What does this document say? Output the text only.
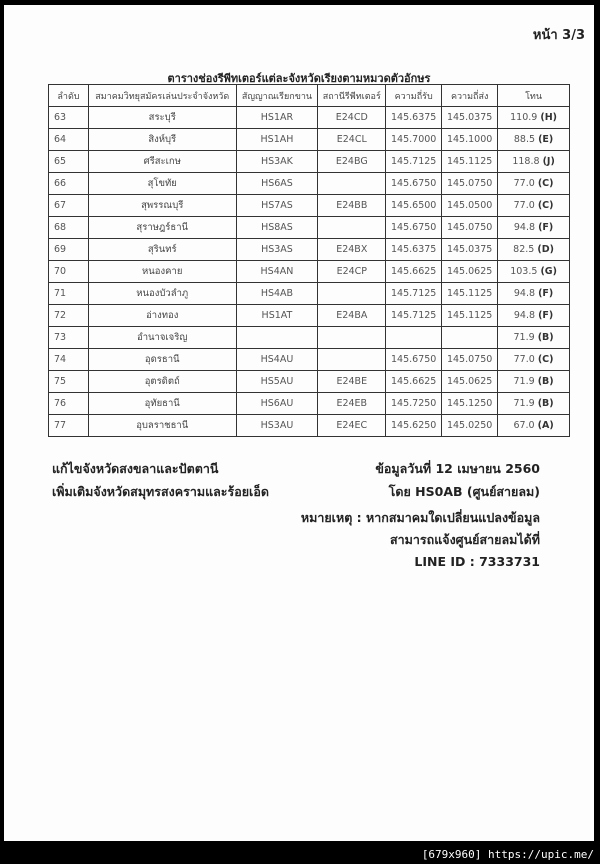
หน้า 3/3
ตารางช่องรีพีทเตอร์แต่ละจังหวัดเรียงตามหมวดตัวอักษร
ลำดับ	สมาคมวิทยุสมัครเล่นประจำจังหวัด	สัญญาณเรียกขาน	สถานีรีพีทเตอร์	ความถี่รับ	ความถี่ส่ง	โทน
63	สระบุรี	HS1AR	E24CD	145.6375	145.0375	110.9 (H)
64	สิงห์บุรี	HS1AH	E24CL	145.7000	145.1000	88.5 (E)
65	ศรีสะเกษ	HS3AK	E24BG	145.7125	145.1125	118.8 (J)
66	สุโขทัย	HS6AS		145.6750	145.0750	77.0 (C)
67	สุพรรณบุรี	HS7AS	E24BB	145.6500	145.0500	77.0 (C)
68	สุราษฎร์ธานี	HS8AS		145.6750	145.0750	94.8 (F)
69	สุรินทร์	HS3AS	E24BX	145.6375	145.0375	82.5 (D)
70	หนองคาย	HS4AN	E24CP	145.6625	145.0625	103.5 (G)
71	หนองบัวลำภู	HS4AB		145.7125	145.1125	94.8 (F)
72	อ่างทอง	HS1AT	E24BA	145.7125	145.1125	94.8 (F)
73	อำนาจเจริญ					71.9 (B)
74	อุดรธานี	HS4AU		145.6750	145.0750	77.0 (C)
75	อุตรดิตถ์	HS5AU	E24BE	145.6625	145.0625	71.9 (B)
76	อุทัยธานี	HS6AU	E24EB	145.7250	145.1250	71.9 (B)
77	อุบลราชธานี	HS3AU	E24EC	145.6250	145.0250	67.0 (A)
แก้ไขจังหวัดสงขลาและปัตตานี
เพิ่มเติมจังหวัดสมุทรสงครามและร้อยเอ็ด
ข้อมูลวันที่ 12 เมษายน 2560
โดย HS0AB (ศูนย์สายลม)
หมายเหตุ : หากสมาคมใดเปลี่ยนแปลงข้อมูล
สามารถแจ้งศูนย์สายลมได้ที่
LINE ID : 7333731
[679x960] https://upic.me/
